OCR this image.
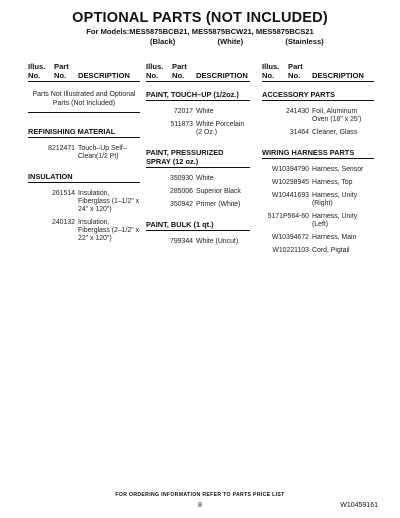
OPTIONAL PARTS (NOT INCLUDED)
For Models:MES5875BCB21, MES5875BCW21, MES5875BCS21
(Black)	(White)	(Stainless)
Illus.
No.
Part
No.	DESCRIPTION
Parts Not Illustrated and Optional Parts (Not Included)
REFINISHING MATERIAL
8212471 Touch–Up Self–Clean(1/2 Pt)
INSULATION
261514 Insulation, Fiberglass (1–1/2" x 24" x 120")
240132 Insulation, Fiberglass (2–1/2" x 22" x 120")
Illus.
No.
Part
No.	DESCRIPTION
PAINT, TOUCH–UP (1/2oz.)
72017 White
511873 White Porcelain (2 Oz.)
PAINT, PRESSURIZED SPRAY (12 oz.)
350930 White
285006 Superior Black
350942 Primer (White)
PAINT, BULK (1 qt.)
799344 White (Uncut)
Illus.
No.
Part
No.	DESCRIPTION
ACCESSORY PARTS
241430 Foil, Aluminum Oven (18" x 25')
31464 Cleaner, Glass
WIRING HARNESS PARTS
W10394790 Harness, Sensor
W10298945 Harness, Top
W10441693 Harness, Unity (Right)
5171P564-60 Harness, Unity (Left)
W10394672 Harness, Main
W10221103 Cord, Pigtail
FOR ORDERING INFORMATION REFER TO PARTS PRICE LIST
8	W10459161
